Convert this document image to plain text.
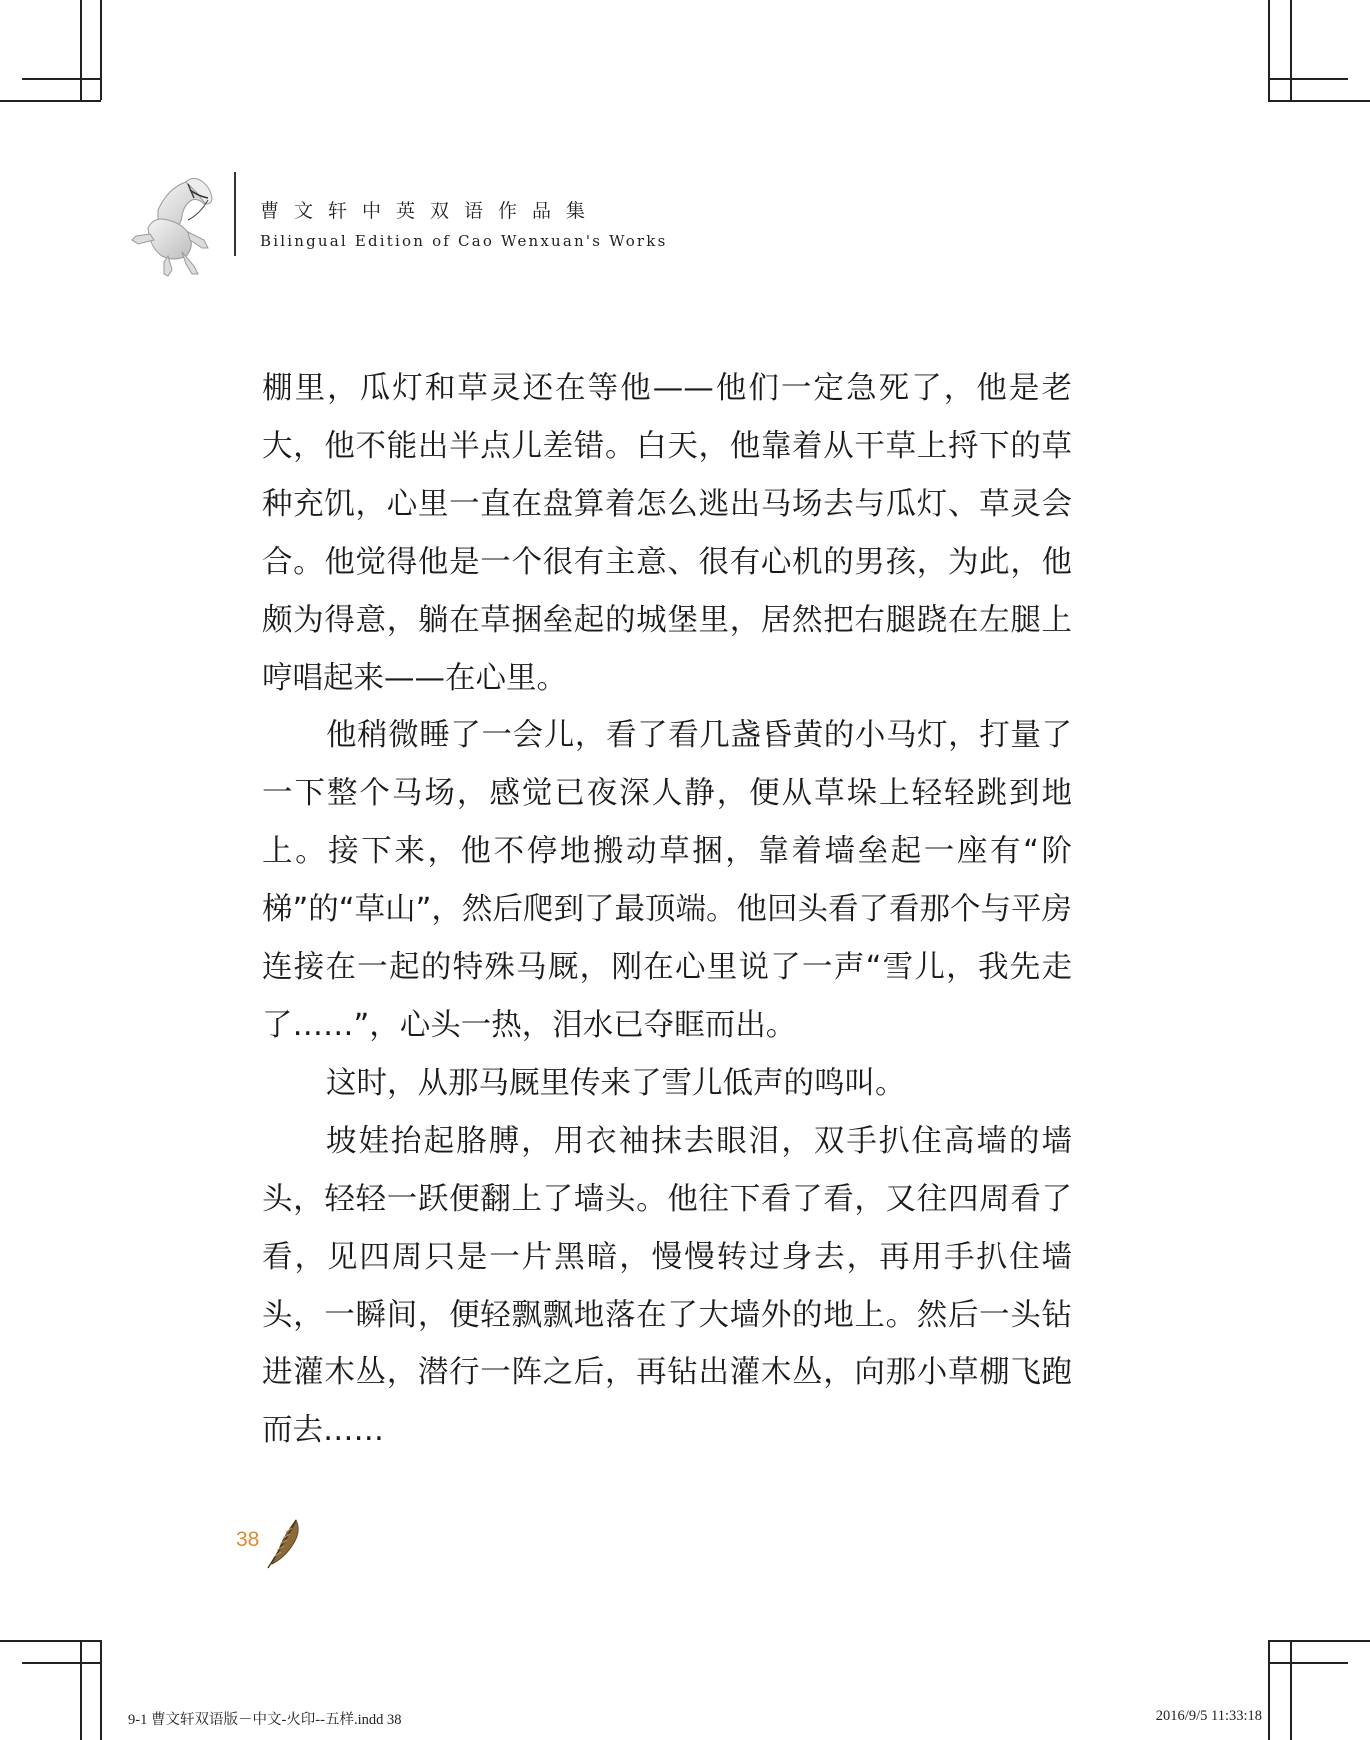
曹文轩中英双语作品集
Bilingual Edition of Cao Wenxuan's Works

棚里，瓜灯和草灵还在等他——他们一定急死了，他是老大，他不能出半点儿差错。白天，他靠着从干草上捋下的草种充饥，心里一直在盘算着怎么逃出马场去与瓜灯、草灵会合。他觉得他是一个很有主意、很有心机的男孩，为此，他颇为得意，躺在草捆垒起的城堡里，居然把右腿跷在左腿上哼唱起来——在心里。

他稍微睡了一会儿，看了看几盏昏黄的小马灯，打量了一下整个马场，感觉已夜深人静，便从草垛上轻轻跳到地上。接下来，他不停地搬动草捆，靠着墙垒起一座有“阶梯”的“草山”，然后爬到了最顶端。他回头看了看那个与平房连接在一起的特殊马厩，刚在心里说了一声“雪儿，我先走了……”，心头一热，泪水已夺眶而出。

这时，从那马厩里传来了雪儿低声的鸣叫。

坡娃抬起胳膊，用衣袖抹去眼泪，双手扒住高墙的墙头，轻轻一跃便翻上了墙头。他往下看了看，又往四周看了看，见四周只是一片黑暗，慢慢转过身去，再用手扒住墙头，一瞬间，便轻飘飘地落在了大墙外的地上。然后一头钻进灌木丛，潜行一阵之后，再钻出灌木丛，向那小草棚飞跑而去……

38
9-1 曹文轩双语版－中文-火印--五样.indd 38	2016/9/5 11:33:18
